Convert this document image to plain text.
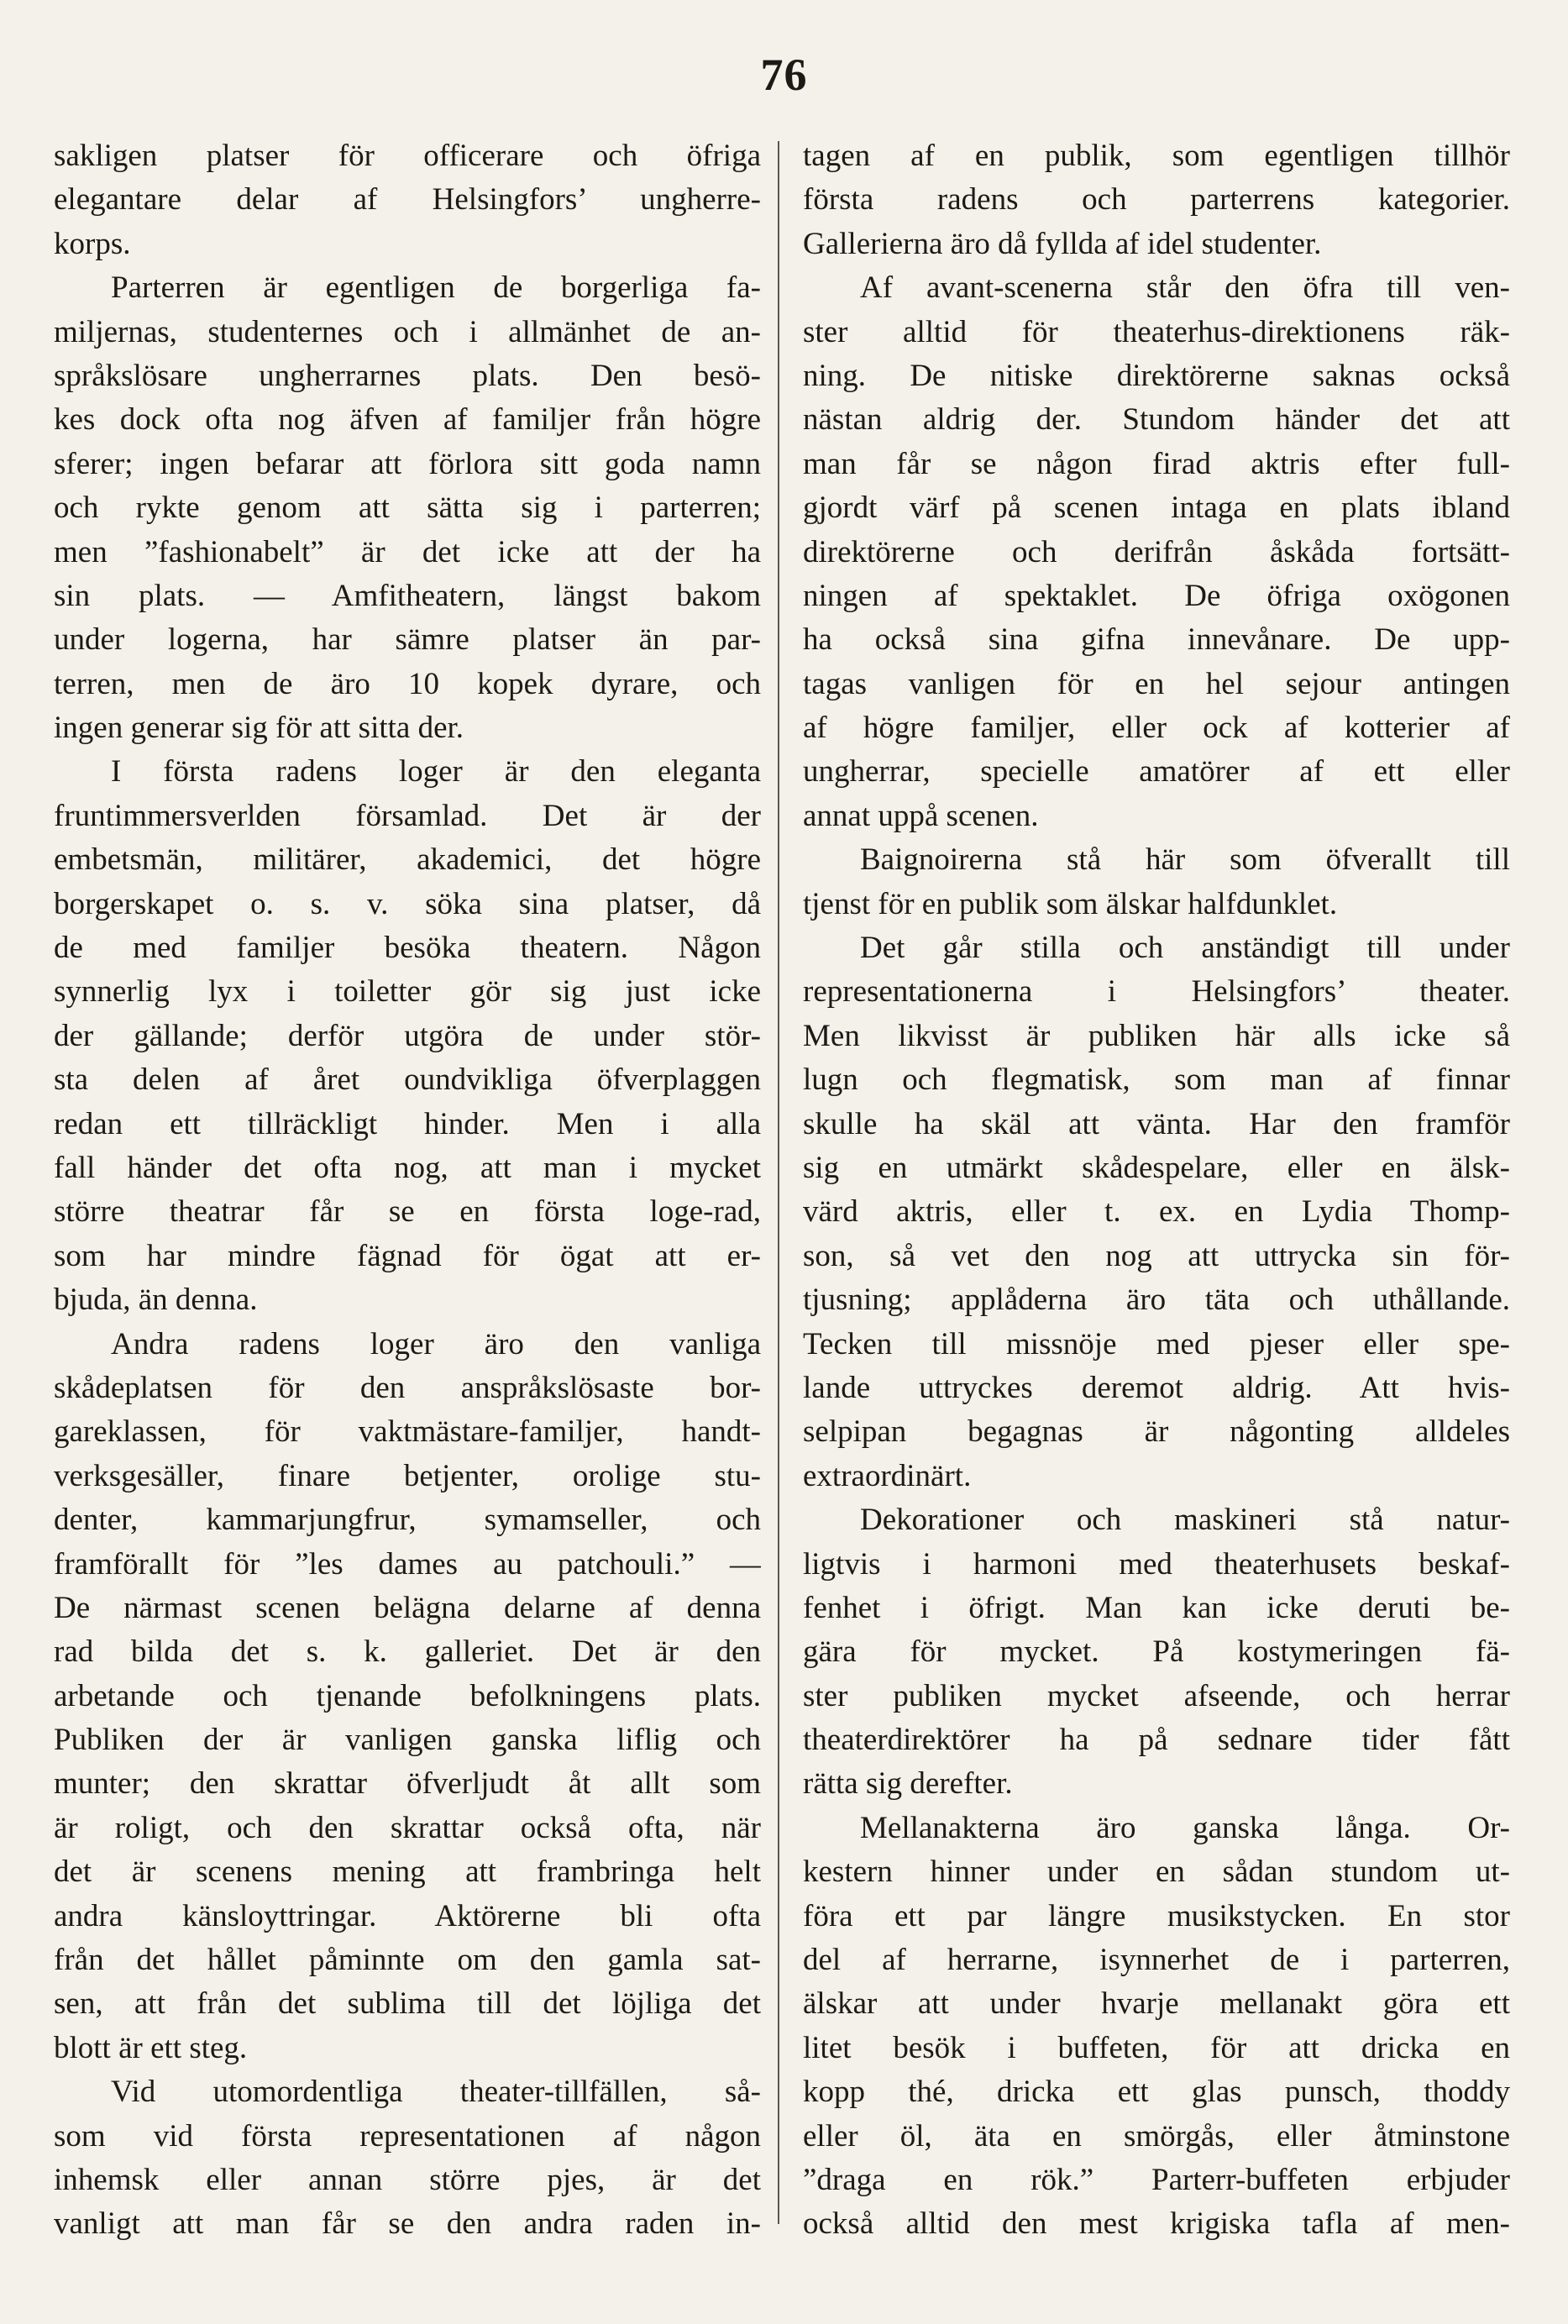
76
sakligen platser för officerare och öfriga
elegantare delar af Helsingfors’ ungherre-
korps.
Parterren är egentligen de borgerliga fa-
miljernas, studenternes och i allmänhet de an-
språkslösare ungherrarnes plats. Den besö-
kes dock ofta nog äfven af familjer från högre
sferer; ingen befarar att förlora sitt goda namn
och rykte genom att sätta sig i parterren;
men ”fashionabelt” är det icke att der ha
sin plats. — Amfitheatern, längst bakom
under logerna, har sämre platser än par-
terren, men de äro 10 kopek dyrare, och
ingen generar sig för att sitta der.
I första radens loger är den eleganta
fruntimmersverlden församlad. Det är der
embetsmän, militärer, akademici, det högre
borgerskapet o. s. v. söka sina platser, då
de med familjer besöka theatern. Någon
synnerlig lyx i toiletter gör sig just icke
der gällande; derför utgöra de under stör-
sta delen af året oundvikliga öfverplaggen
redan ett tillräckligt hinder. Men i alla
fall händer det ofta nog, att man i mycket
större theatrar får se en första loge-rad,
som har mindre fägnad för ögat att er-
bjuda, än denna.
Andra radens loger äro den vanliga
skådeplatsen för den anspråkslösaste bor-
gareklassen, för vaktmästare-familjer, handt-
verksgesäller, finare betjenter, orolige stu-
denter, kammarjungfrur, symamseller, och
framförallt för ”les dames au patchouli.” —
De närmast scenen belägna delarne af denna
rad bilda det s. k. galleriet. Det är den
arbetande och tjenande befolkningens plats.
Publiken der är vanligen ganska liflig och
munter; den skrattar öfverljudt åt allt som
är roligt, och den skrattar också ofta, när
det är scenens mening att frambringa helt
andra känsloyttringar. Aktörerne bli ofta
från det hållet påminnte om den gamla sat-
sen, att från det sublima till det löjliga det
blott är ett steg.
Vid utomordentliga theater-tillfällen, så-
som vid första representationen af någon
inhemsk eller annan större pjes, är det
vanligt att man får se den andra raden in-
tagen af en publik, som egentligen tillhör
första radens och parterrens kategorier.
Gallerierna äro då fyllda af idel studenter.
Af avant-scenerna står den öfra till ven-
ster alltid för theaterhus-direktionens räk-
ning. De nitiske direktörerne saknas också
nästan aldrig der. Stundom händer det att
man får se någon firad aktris efter full-
gjordt värf på scenen intaga en plats ibland
direktörerne och derifrån åskåda fortsätt-
ningen af spektaklet. De öfriga oxögonen
ha också sina gifna innevånare. De upp-
tagas vanligen för en hel sejour antingen
af högre familjer, eller ock af kotterier af
ungherrar, specielle amatörer af ett eller
annat uppå scenen.
Baignoirerna stå här som öfverallt till
tjenst för en publik som älskar halfdunklet.
Det går stilla och anständigt till under
representationerna i Helsingfors’ theater.
Men likvisst är publiken här alls icke så
lugn och flegmatisk, som man af finnar
skulle ha skäl att vänta. Har den framför
sig en utmärkt skådespelare, eller en älsk-
värd aktris, eller t. ex. en Lydia Thomp-
son, så vet den nog att uttrycka sin för-
tjusning; applåderna äro täta och uthållande.
Tecken till missnöje med pjeser eller spe-
lande uttryckes deremot aldrig. Att hvis-
selpipan begagnas är någonting alldeles
extraordinärt.
Dekorationer och maskineri stå natur-
ligtvis i harmoni med theaterhusets beskaf-
fenhet i öfrigt. Man kan icke deruti be-
gära för mycket. På kostymeringen fä-
ster publiken mycket afseende, och herrar
theaterdirektörer ha på sednare tider fått
rätta sig derefter.
Mellanakterna äro ganska långa. Or-
kestern hinner under en sådan stundom ut-
föra ett par längre musikstycken. En stor
del af herrarne, isynnerhet de i parterren,
älskar att under hvarje mellanakt göra ett
litet besök i buffeten, för att dricka en
kopp thé, dricka ett glas punsch, thoddy
eller öl, äta en smörgås, eller åtminstone
”draga en rök.” Parterr-buffeten erbjuder
också alltid den mest krigiska tafla af men-
